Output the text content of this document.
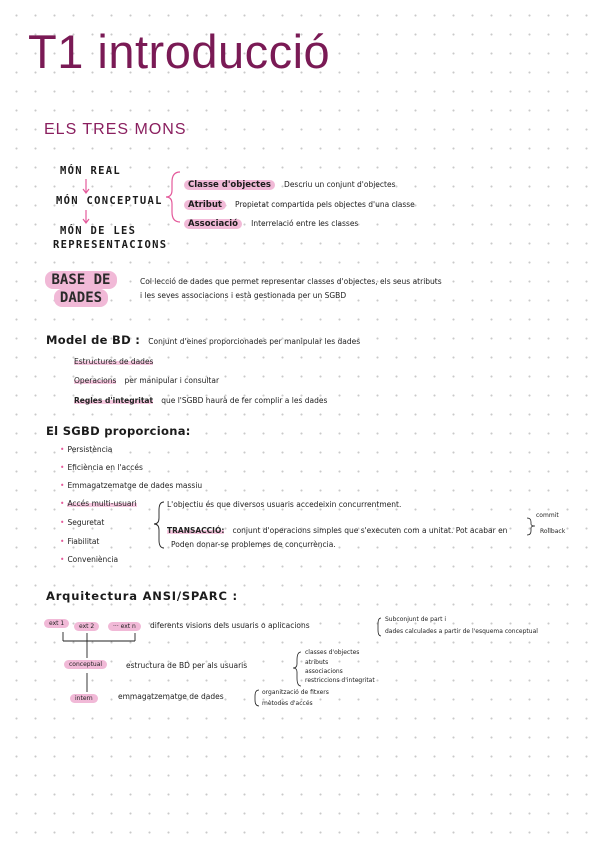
T1 introducció
ELS TRES MONS
MÓN REAL
MÓN CONCEPTUAL
MÓN DE LES
REPRESENTACIONS
Classe d'objectes Descriu un conjunt d'objectes
Atribut Propietat compartida pels objectes d'una classe
Associació Interrelació entre les classes
BASE DE
DADES
Col·lecció de dades que permet representar classes d'objectes, els seus atributs
i les seves associacions i està gestionada per un SGBD
Model de BD : Conjunt d'eines proporcionades per manipular les dades
Estructures de dades
Operacions per manipular i consultar
Regles d'integritat que l'SGBD haurà de fer complir a les dades
El SGBD proporciona:
• Persistència
• Eficiència en l'accés
• Emmagatzematge de dades massiu
• Accés multi-usuari
• Seguretat
• Fiabilitat
• Conveniència
L'objectiu és que diversos usuaris accedeixin concurrentment.
TRANSACCIÓ: conjunt d'operacions simples que s'executen com a unitat. Pot acabar en
commit
Rollback
Poden donar-se problemes de concurrència.
Arquitectura ANSI/SPARC :
ext 1	ext 2	··· ext n	diferents visions dels usuaris o aplicacions
Subconjunt de part i
dades calculades a partir de l'esquema conceptual
conceptual	estructura de BD per als usuaris
classes d'objectes
atributs
associacions
restriccions d'integritat
intern	emmagatzematge de dades	organització de fitxers
mètodes d'accés
